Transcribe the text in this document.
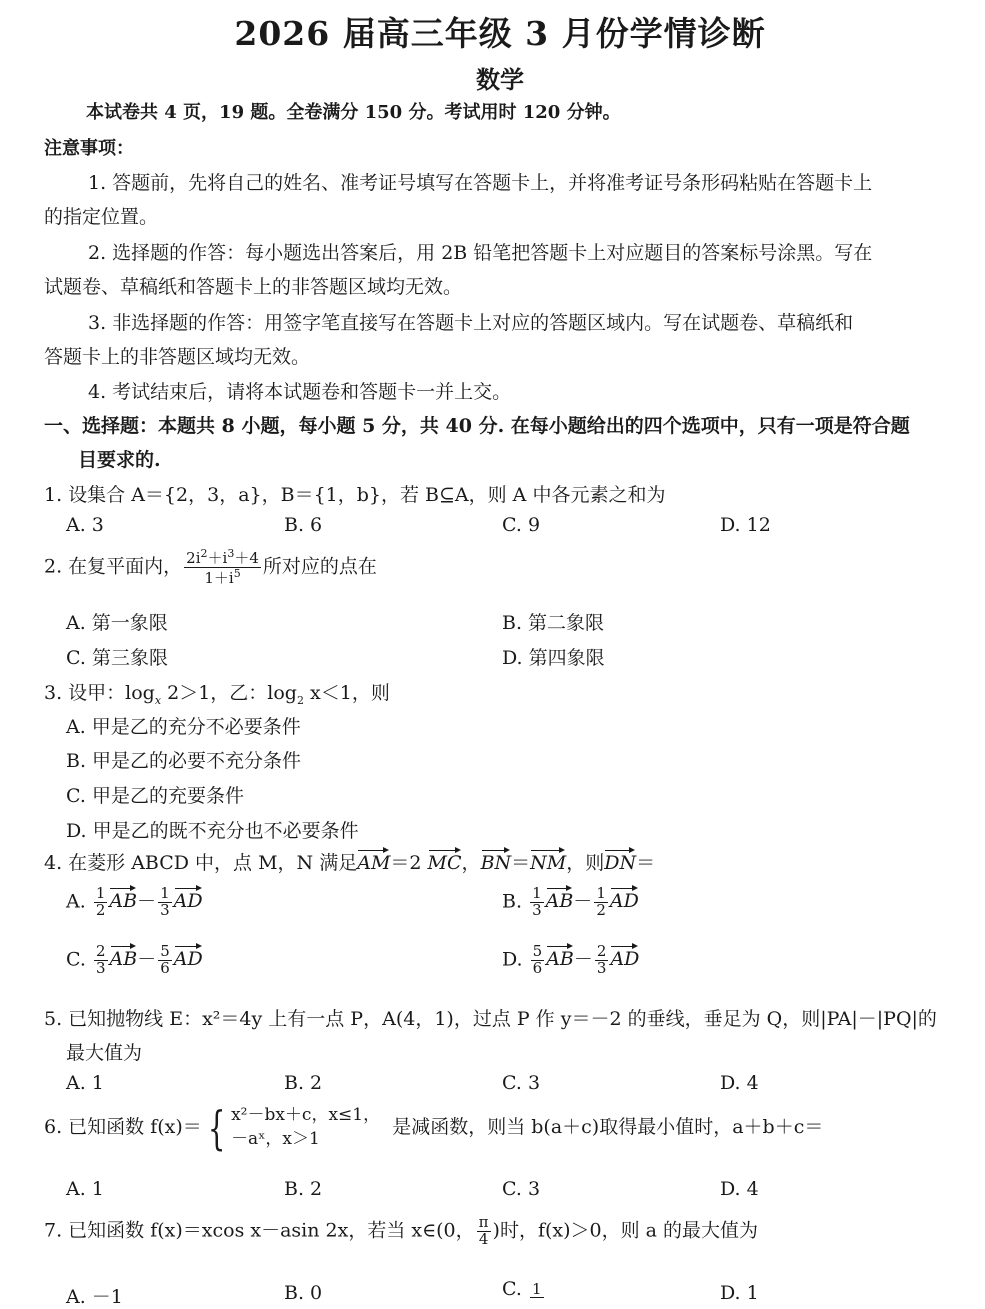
2026 届高三年级 3 月份学情诊断
数学
本试卷共 4 页，19 题。全卷满分 150 分。考试用时 120 分钟。
注意事项：
1. 答题前，先将自己的姓名、准考证号填写在答题卡上，并将准考证号条形码粘贴在答题卡上
的指定位置。
2. 选择题的作答：每小题选出答案后，用 2B 铅笔把答题卡上对应题目的答案标号涂黑。写在
试题卷、草稿纸和答题卡上的非答题区域均无效。
3. 非选择题的作答：用签字笔直接写在答题卡上对应的答题区域内。写在试题卷、草稿纸和
答题卡上的非答题区域均无效。
4. 考试结束后，请将本试题卷和答题卡一并上交。
一、选择题：本题共 8 小题，每小题 5 分，共 40 分. 在每小题给出的四个选项中，只有一项是符合题
目要求的.
1. 设集合 A＝{2，3，a}，B＝{1，b}，若 B⊆A，则 A 中各元素之和为
A. 3	B. 6	C. 9	D. 12
2. 在复平面内， $\frac{2i^2+i^3+4}{1+i^5}$ 所对应的点在
A. 第一象限	B. 第二象限
C. 第三象限	D. 第四象限
3. 设甲：$\log_x 2>1$，乙：$\log_2 x<1$，则
A. 甲是乙的充分不必要条件
B. 甲是乙的必要不充分条件
C. 甲是乙的充要条件
D. 甲是乙的既不充分也不必要条件
4. 在菱形 ABCD 中，点 M，N 满足AM＝2 MC，BN＝NM，则DN＝
A. $\frac{1}{2} AB- \frac{1}{3}$ AD	B. $\frac{1}{3} AB- \frac{1}{2}$ AD
C. $\frac{2}{3} AB- \frac{5}{6}$ AD	D. $\frac{5}{6} AB- \frac{2}{3}$ AD
5. 已知抛物线 E：x²＝4y 上有一点 P，A(4，1)，过点 P 作 y＝－2 的垂线，垂足为 Q，则|PA|－|PQ|的
最大值为
A. 1	B. 2	C. 3	D. 4
6. 已知函数 f(x)＝ { x²－bx＋c，x≤1，
－aˣ，x＞1
是减函数，则当 b(a＋c)取得最小值时，a＋b＋c＝
A. 1	B. 2	C. 3	D. 4
7. 已知函数 f(x)＝xcos x－asin 2x，若当 x∈(0， $\frac{\pi}{4}$ )时，f(x)＞0，则 a 的最大值为
A. －1	B. 0	C. 1	D. 1
